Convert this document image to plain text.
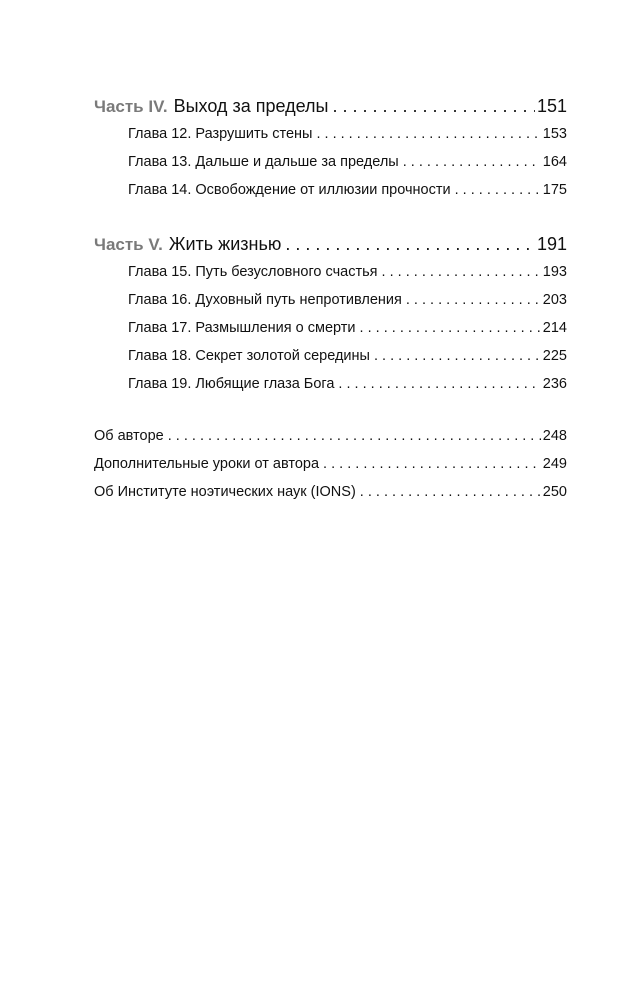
Часть IV. Выход за пределы . . .	151
Глава 12. Разрушить стены . . .	153
Глава 13. Дальше и дальше за пределы . . .	164
Глава 14. Освобождение от иллюзии прочности . . .	175
Часть V. Жить жизнью . . .	191
Глава 15. Путь безусловного счастья . . .	193
Глава 16. Духовный путь непротивления . . .	203
Глава 17. Размышления о смерти . . .	214
Глава 18. Секрет золотой середины . . .	225
Глава 19. Любящие глаза Бога . . .	236
Об авторе . . .	248
Дополнительные уроки от автора . . .	249
Об Институте ноэтических наук (IONS) . . .	250
